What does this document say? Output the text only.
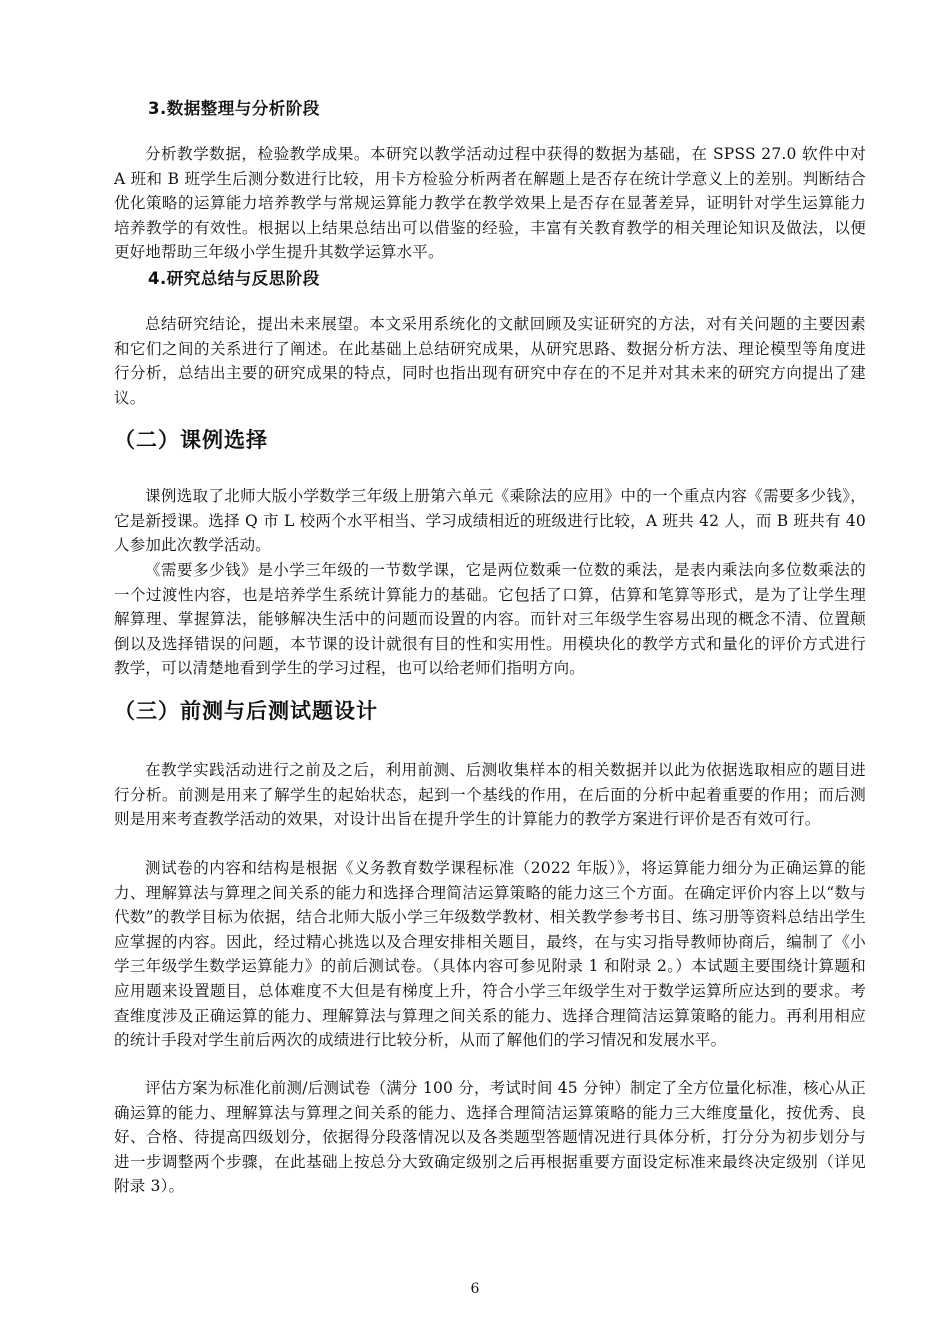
3.数据整理与分析阶段

分析教学数据，检验教学成果。本研究以教学活动过程中获得的数据为基础，在 SPSS 27.0 软件中对 A 班和 B 班学生后测分数进行比较，用卡方检验分析两者在解题上是否存在统计学意义上的差别。判断结合优化策略的运算能力培养教学与常规运算能力教学在教学效果上是否存在显著差异，证明针对学生运算能力培养教学的有效性。根据以上结果总结出可以借鉴的经验，丰富有关教育教学的相关理论知识及做法，以便更好地帮助三年级小学生提升其数学运算水平。

4.研究总结与反思阶段

总结研究结论，提出未来展望。本文采用系统化的文献回顾及实证研究的方法，对有关问题的主要因素和它们之间的关系进行了阐述。在此基础上总结研究成果，从研究思路、数据分析方法、理论模型等角度进行分析，总结出主要的研究成果的特点，同时也指出现有研究中存在的不足并对其未来的研究方向提出了建议。

（二）课例选择

课例选取了北师大版小学数学三年级上册第六单元《乘除法的应用》中的一个重点内容《需要多少钱》，它是新授课。选择 Q 市 L 校两个水平相当、学习成绩相近的班级进行比较，A 班共 42 人，而 B 班共有 40 人参加此次教学活动。

《需要多少钱》是小学三年级的一节数学课，它是两位数乘一位数的乘法，是表内乘法向多位数乘法的一个过渡性内容，也是培养学生系统计算能力的基础。它包括了口算，估算和笔算等形式，是为了让学生理解算理、掌握算法，能够解决生活中的问题而设置的内容。而针对三年级学生容易出现的概念不清、位置颠倒以及选择错误的问题，本节课的设计就很有目的性和实用性。用模块化的教学方式和量化的评价方式进行教学，可以清楚地看到学生的学习过程，也可以给老师们指明方向。

（三）前测与后测试题设计

在教学实践活动进行之前及之后，利用前测、后测收集样本的相关数据并以此为依据选取相应的题目进行分析。前测是用来了解学生的起始状态，起到一个基线的作用，在后面的分析中起着重要的作用；而后测则是用来考查教学活动的效果，对设计出旨在提升学生的计算能力的教学方案进行评价是否有效可行。

测试卷的内容和结构是根据《义务教育数学课程标准（2022 年版）》，将运算能力细分为正确运算的能力、理解算法与算理之间关系的能力和选择合理简洁运算策略的能力这三个方面。在确定评价内容上以“数与代数”的教学目标为依据，结合北师大版小学三年级数学教材、相关教学参考书目、练习册等资料总结出学生应掌握的内容。因此，经过精心挑选以及合理安排相关题目，最终，在与实习指导教师协商后，编制了《小学三年级学生数学运算能力》的前后测试卷。（具体内容可参见附录 1 和附录 2。）本试题主要围绕计算题和应用题来设置题目，总体难度不大但是有梯度上升，符合小学三年级学生对于数学运算所应达到的要求。考查维度涉及正确运算的能力、理解算法与算理之间关系的能力、选择合理简洁运算策略的能力。再利用相应的统计手段对学生前后两次的成绩进行比较分析，从而了解他们的学习情况和发展水平。

评估方案为标准化前测/后测试卷（满分 100 分，考试时间 45 分钟）制定了全方位量化标准，核心从正确运算的能力、理解算法与算理之间关系的能力、选择合理简洁运算策略的能力三大维度量化，按优秀、良好、合格、待提高四级划分，依据得分段落情况以及各类题型答题情况进行具体分析，打分分为初步划分与进一步调整两个步骤，在此基础上按总分大致确定级别之后再根据重要方面设定标准来最终决定级别（详见附录 3）。

6
